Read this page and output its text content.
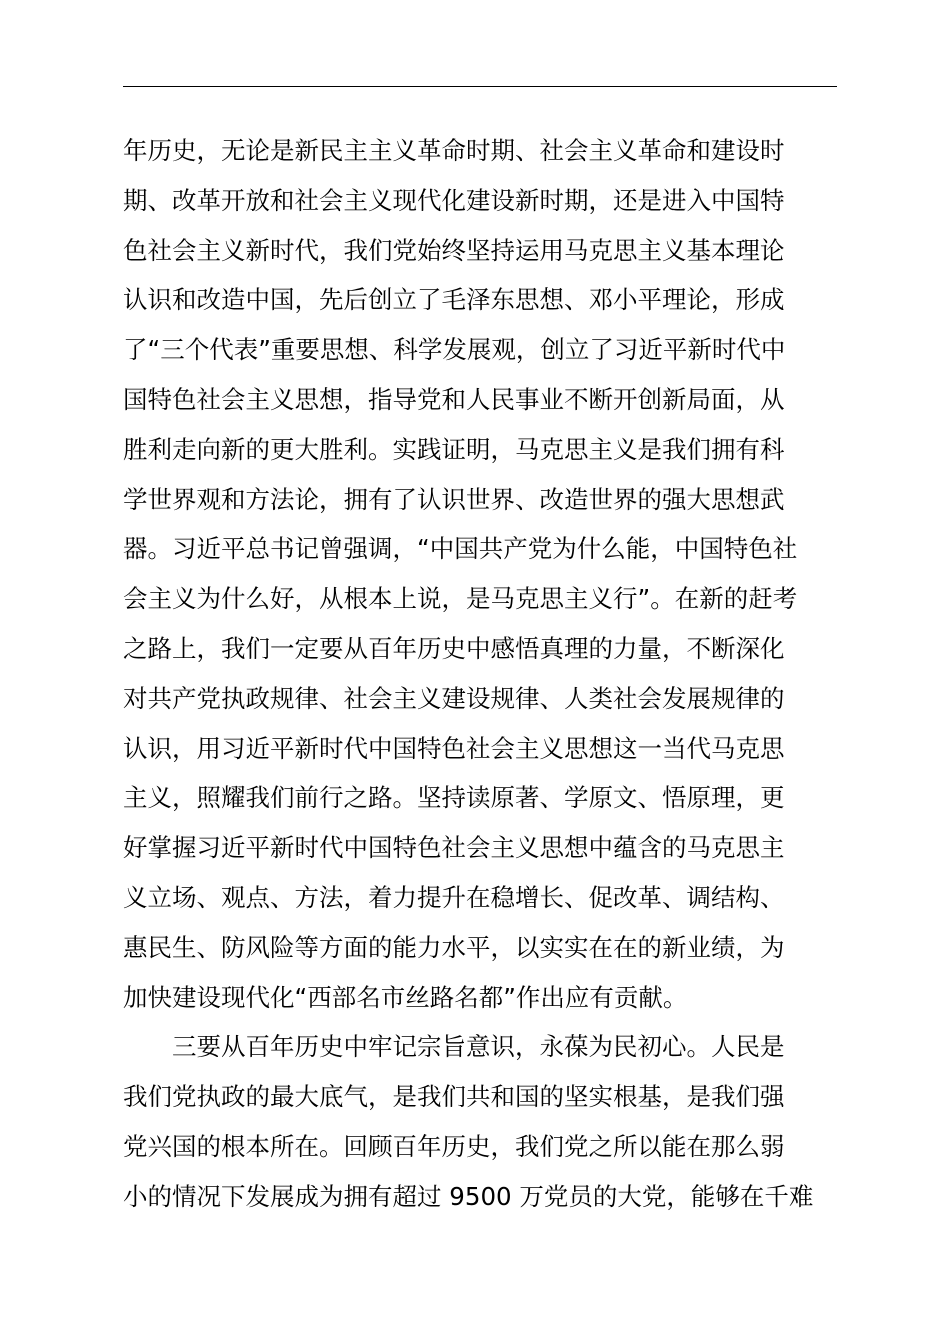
年历史，无论是新民主主义革命时期、社会主义革命和建设时
期、改革开放和社会主义现代化建设新时期，还是进入中国特
色社会主义新时代，我们党始终坚持运用马克思主义基本理论
认识和改造中国，先后创立了毛泽东思想、邓小平理论，形成
了“三个代表”重要思想、科学发展观，创立了习近平新时代中
国特色社会主义思想，指导党和人民事业不断开创新局面，从
胜利走向新的更大胜利。实践证明，马克思主义是我们拥有科
学世界观和方法论，拥有了认识世界、改造世界的强大思想武
器。习近平总书记曾强调，“中国共产党为什么能，中国特色社
会主义为什么好，从根本上说，是马克思主义行”。在新的赶考
之路上，我们一定要从百年历史中感悟真理的力量，不断深化
对共产党执政规律、社会主义建设规律、人类社会发展规律的
认识，用习近平新时代中国特色社会主义思想这一当代马克思
主义，照耀我们前行之路。坚持读原著、学原文、悟原理，更
好掌握习近平新时代中国特色社会主义思想中蕴含的马克思主
义立场、观点、方法，着力提升在稳增长、促改革、调结构、
惠民生、防风险等方面的能力水平，以实实在在的新业绩，为
加快建设现代化“西部名市丝路名都”作出应有贡献。
　　三要从百年历史中牢记宗旨意识，永葆为民初心。人民是
我们党执政的最大底气，是我们共和国的坚实根基，是我们强
党兴国的根本所在。回顾百年历史，我们党之所以能在那么弱
小的情况下发展成为拥有超过 9500 万党员的大党，能够在千难
